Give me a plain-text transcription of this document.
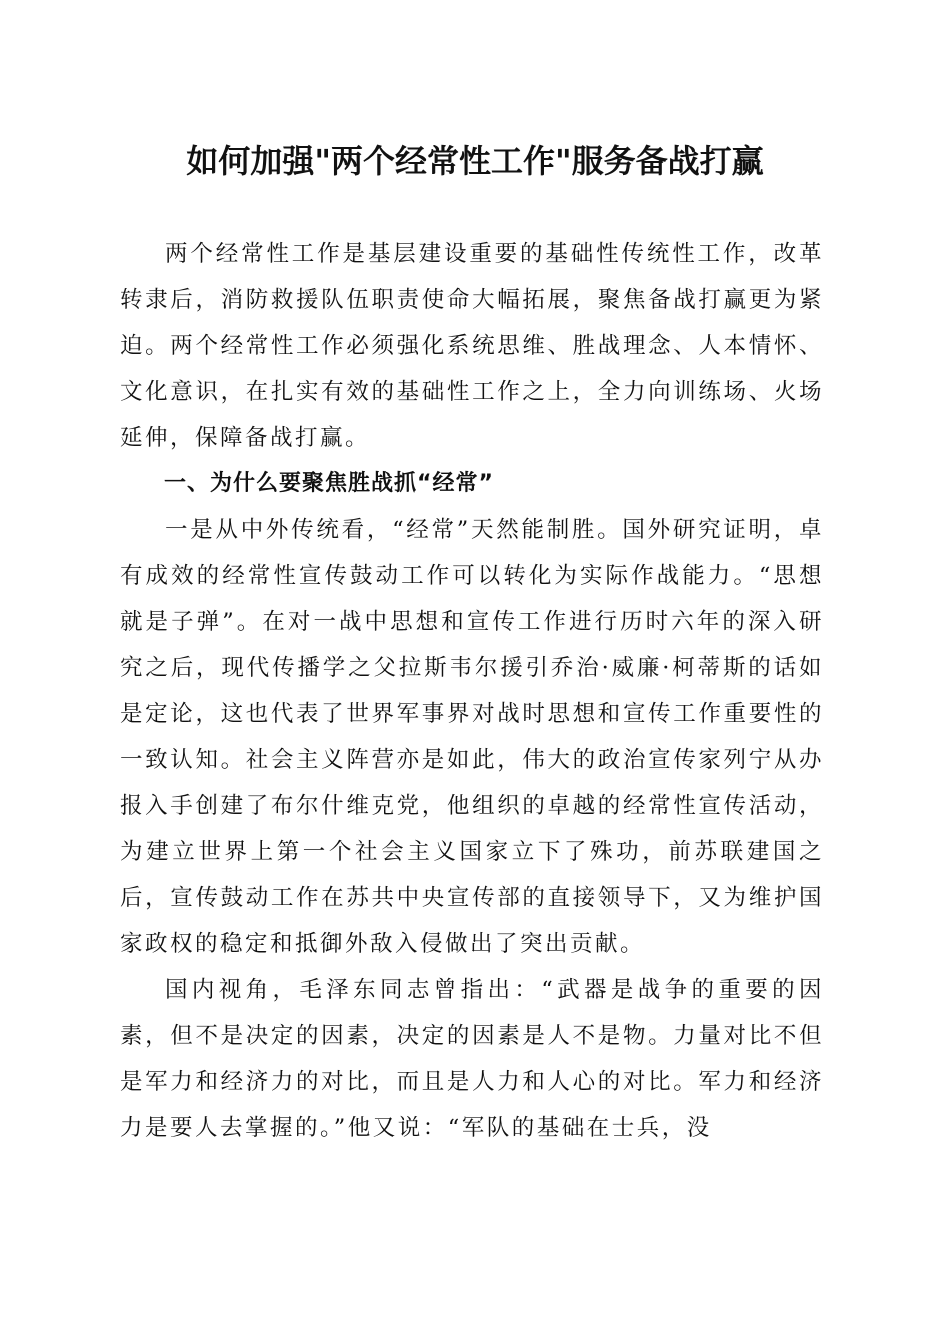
如何加强"两个经常性工作"服务备战打赢

两个经常性工作是基层建设重要的基础性传统性工作，改革转隶后，消防救援队伍职责使命大幅拓展，聚焦备战打赢更为紧迫。两个经常性工作必须强化系统思维、胜战理念、人本情怀、文化意识，在扎实有效的基础性工作之上，全力向训练场、火场延伸，保障备战打赢。

一、为什么要聚焦胜战抓“经常”

一是从中外传统看，“经常”天然能制胜。国外研究证明，卓有成效的经常性宣传鼓动工作可以转化为实际作战能力。“思想就是子弹”。在对一战中思想和宣传工作进行历时六年的深入研究之后，现代传播学之父拉斯韦尔援引乔治·威廉·柯蒂斯的话如是定论，这也代表了世界军事界对战时思想和宣传工作重要性的一致认知。社会主义阵营亦是如此，伟大的政治宣传家列宁从办报入手创建了布尔什维克党，他组织的卓越的经常性宣传活动，为建立世界上第一个社会主义国家立下了殊功，前苏联建国之后，宣传鼓动工作在苏共中央宣传部的直接领导下，又为维护国家政权的稳定和抵御外敌入侵做出了突出贡献。

国内视角，毛泽东同志曾指出：“武器是战争的重要的因素，但不是决定的因素，决定的因素是人不是物。力量对比不但是军力和经济力的对比，而且是人力和人心的对比。军力和经济力是要人去掌握的。”他又说：“军队的基础在士兵，没
